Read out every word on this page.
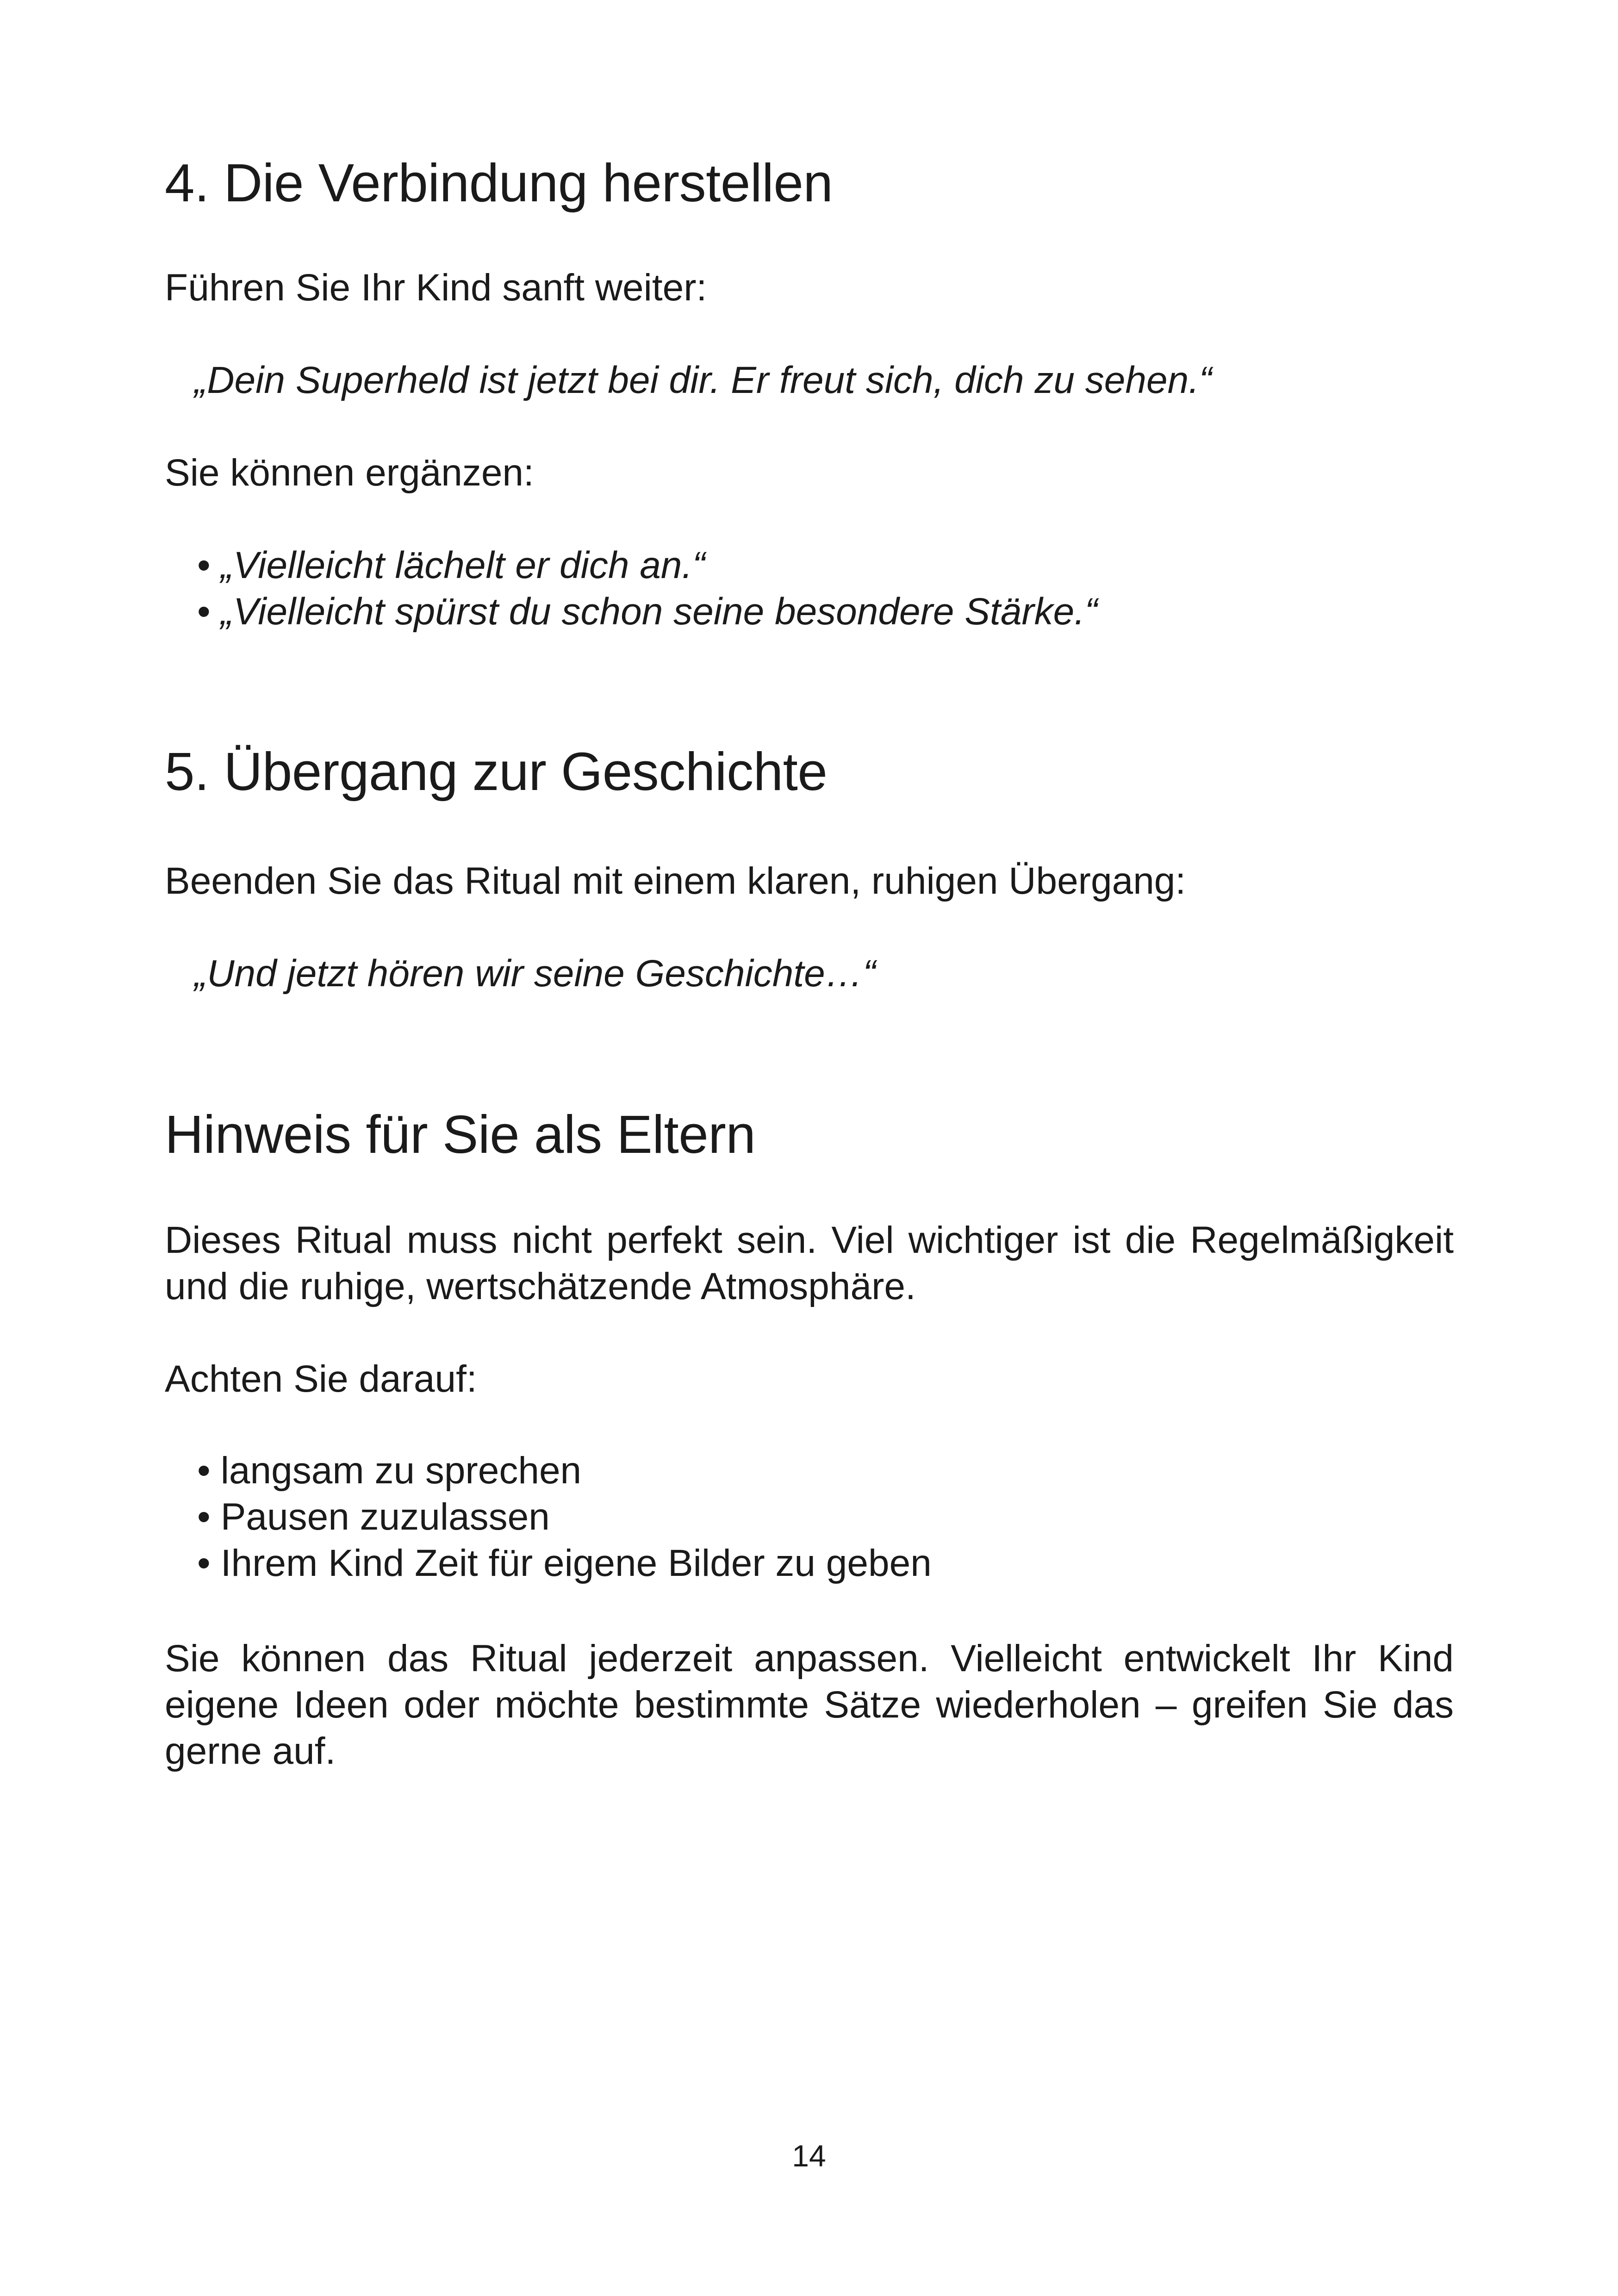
4. Die Verbindung herstellen

Führen Sie Ihr Kind sanft weiter:

„Dein Superheld ist jetzt bei dir. Er freut sich, dich zu sehen.“

Sie können ergänzen:

• „Vielleicht lächelt er dich an.“
• „Vielleicht spürst du schon seine besondere Stärke.“
5. Übergang zur Geschichte

Beenden Sie das Ritual mit einem klaren, ruhigen Übergang:

„Und jetzt hören wir seine Geschichte…“

Hinweis für Sie als Eltern

Dieses Ritual muss nicht perfekt sein. Viel wichtiger ist die Regelmäßigkeit und die ruhige, wertschätzende Atmosphäre.

Achten Sie darauf:

• langsam zu sprechen
• Pausen zuzulassen
• Ihrem Kind Zeit für eigene Bilder zu geben

Sie können das Ritual jederzeit anpassen. Vielleicht entwickelt Ihr Kind eigene Ideen oder möchte bestimmte Sätze wiederholen – greifen Sie das gerne auf.

14
